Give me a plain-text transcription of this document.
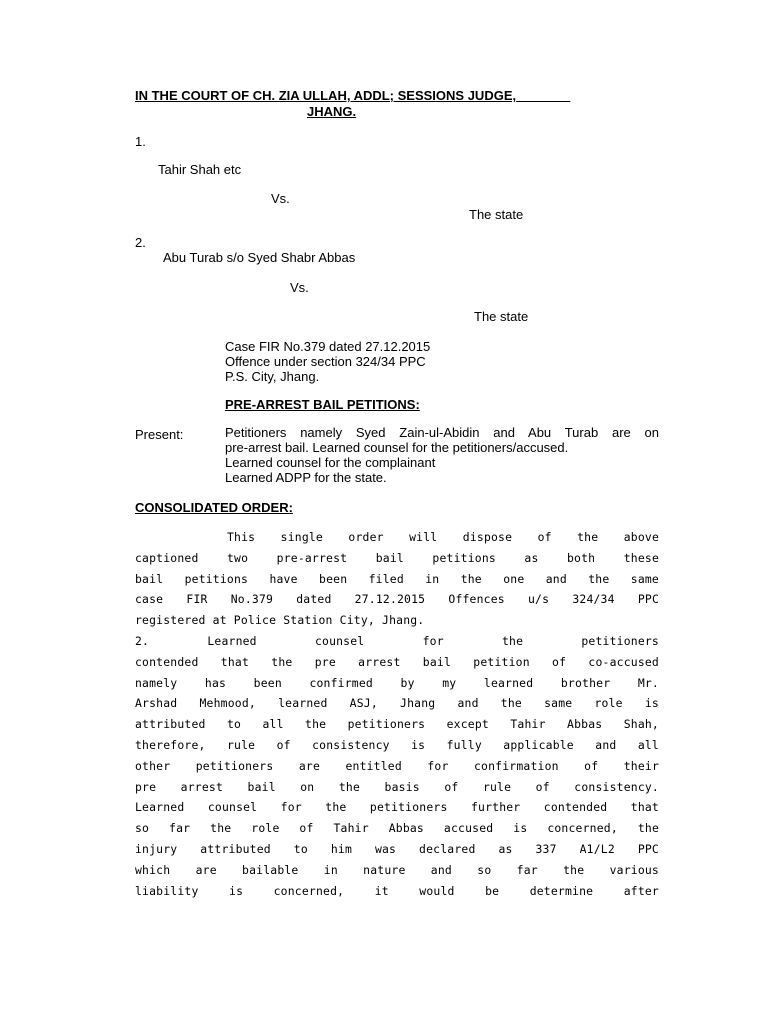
IN THE COURT OF CH. ZIA ULLAH, ADDL; SESSIONS JUDGE,
JHANG.
1.
Tahir Shah etc
Vs.
The state
2.
Abu Turab s/o Syed Shabr Abbas
Vs.
The state
Case FIR No.379 dated 27.12.2015
Offence under section 324/34 PPC
P.S. City, Jhang.
PRE-ARREST BAIL PETITIONS:
Present:	Petitioners namely Syed Zain-ul-Abidin and Abu Turab are on
pre-arrest bail. Learned counsel for the petitioners/accused.
Learned counsel for the complainant
Learned ADPP for the state.
CONSOLIDATED ORDER:
This single order will dispose of the above
captioned two pre-arrest bail petitions as both these
bail petitions have been filed in the one and the same
case FIR No.379 dated 27.12.2015 Offences u/s 324/34 PPC
registered at Police Station City, Jhang.
2. Learned counsel for the petitioners
contended that the pre arrest bail petition of co-accused
namely has been confirmed by my learned brother Mr.
Arshad Mehmood, learned ASJ, Jhang and the same role is
attributed to all the petitioners except Tahir Abbas Shah,
therefore, rule of consistency is fully applicable and all
other petitioners are entitled for confirmation of their
pre arrest bail on the basis of rule of consistency.
Learned counsel for the petitioners further contended that
so far the role of Tahir Abbas accused is concerned, the
injury attributed to him was declared as 337 A1/L2 PPC
which are bailable in nature and so far the various
liability is concerned, it would be determine after
